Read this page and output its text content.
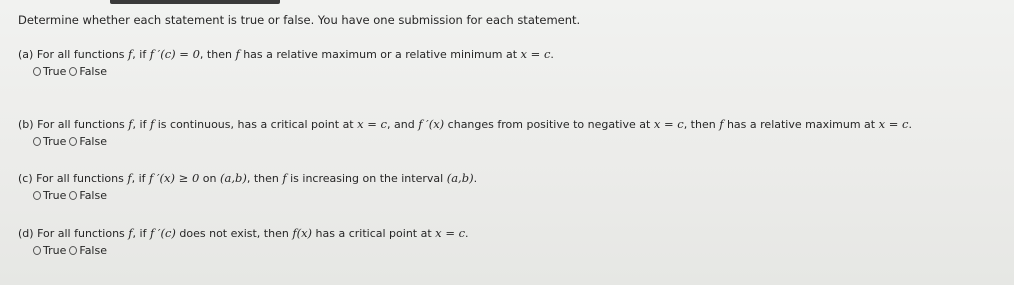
Determine whether each statement is true or false. You have one submission for each statement.
(a) For all functions f, if f ′(c) = 0, then f has a relative maximum or a relative minimum at x = c.
True False
(b) For all functions f, if f is continuous, has a critical point at x = c, and f ′(x) changes from positive to negative at x = c, then f has a relative maximum at x = c.
True False
(c) For all functions f, if f ′(x) ≥ 0 on (a,b), then f is increasing on the interval (a,b).
True False
(d) For all functions f, if f ′(c) does not exist, then f(x) has a critical point at x = c.
True False
